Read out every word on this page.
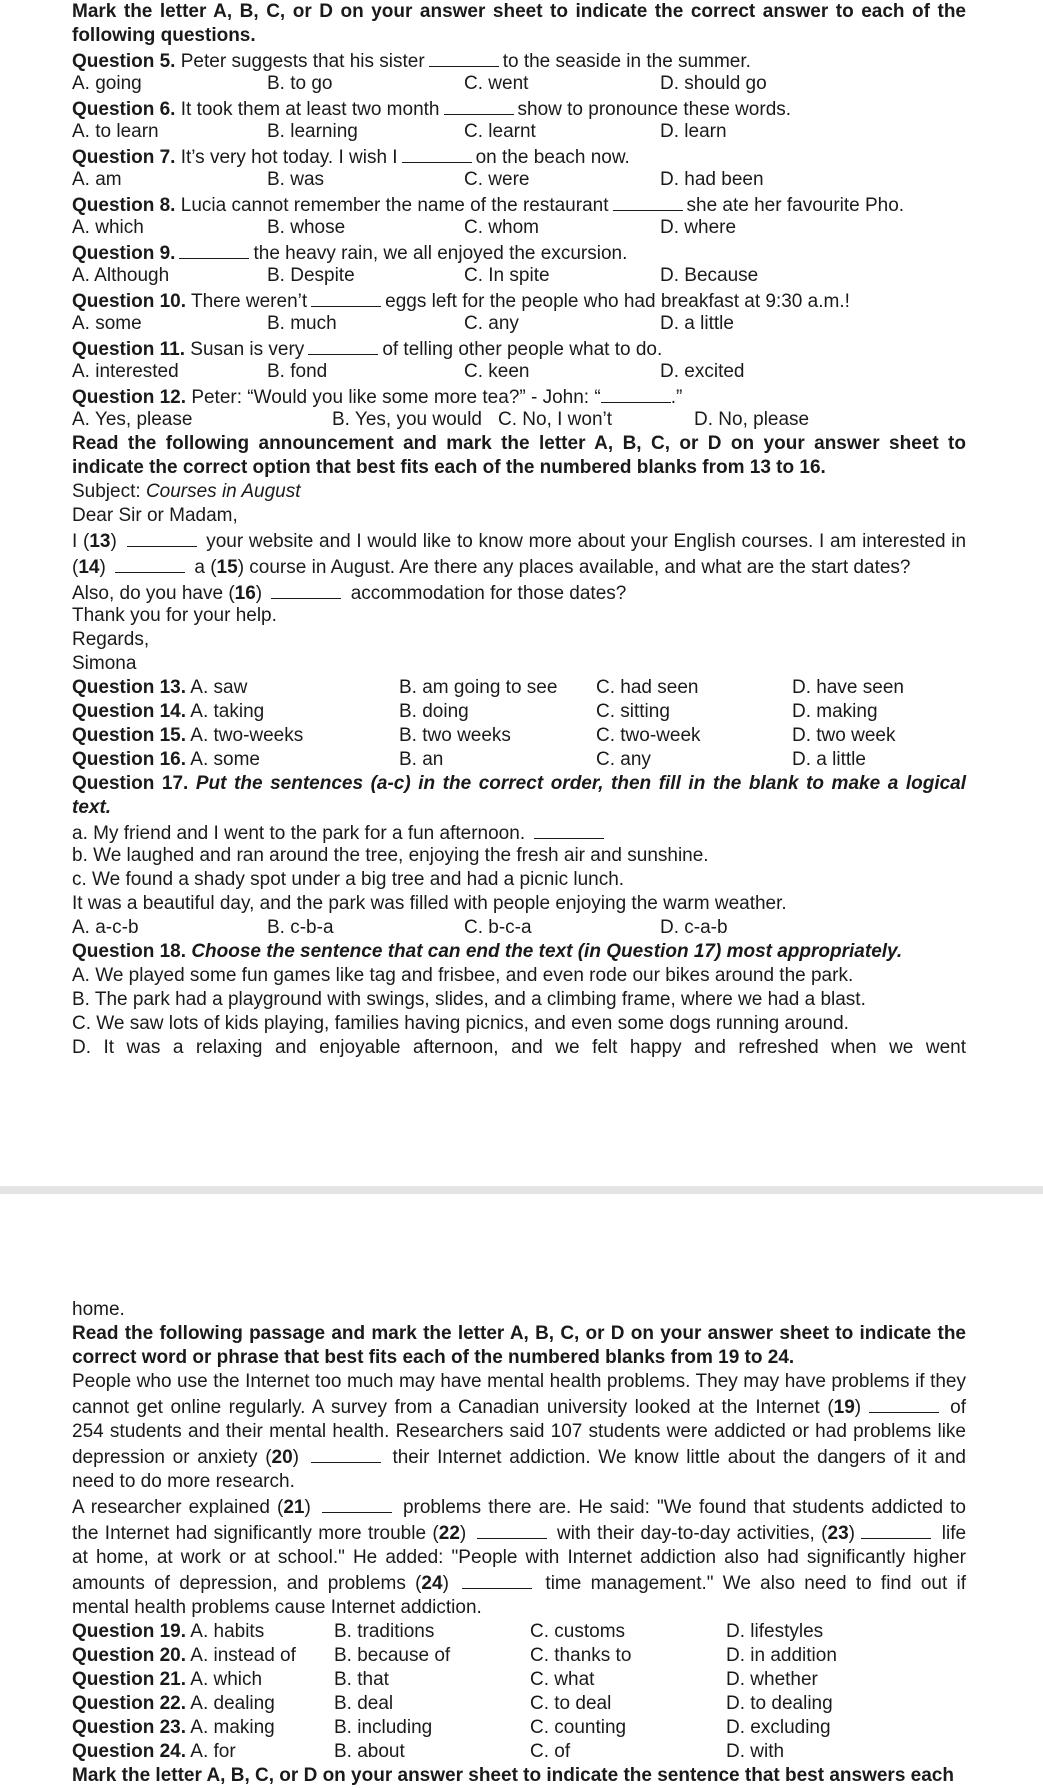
Mark the letter A, B, C, or D on your answer sheet to indicate the correct answer to each of the following questions.
Question 5. Peter suggests that his sister	to the seaside in the summer.
A. going	B. to go	C. went	D. should go
Question 6. It took them at least two month	show to pronounce these words.
A. to learn	B. learning	C. learnt	D. learn
Question 7. It’s very hot today. I wish I	on the beach now.
A. am	B. was	C. were	D. had been
Question 8. Lucia cannot remember the name of the restaurant	she ate her favourite Pho.
A. which	B. whose	C. whom	D. where
Question 9.	the heavy rain, we all enjoyed the excursion.
A. Although	B. Despite	C. In spite	D. Because
Question 10. There weren’t	eggs left for the people who had breakfast at 9:30 a.m.!
A. some	B. much	C. any	D. a little
Question 11. Susan is very	of telling other people what to do.
A. interested	B. fond	C. keen	D. excited
Question 12. Peter: “Would you like some more tea?” - John: “	.”
A. Yes, please	B. Yes, you would C. No, I won’t	D. No, please
Read the following announcement and mark the letter A, B, C, or D on your answer sheet to indicate the correct option that best fits each of the numbered blanks from 13 to 16.
Subject: Courses in August
Dear Sir or Madam,
I (13)	your website and I would like to know more about your English courses. I am interested in (14)	a (15) course in August. Are there any places available, and what are the start dates?
Also, do you have (16)	accommodation for those dates?
Thank you for your help.
Regards,
Simona
Question 13. A. saw	B. am going to see	C. had seen	D. have seen
Question 14. A. taking	B. doing	C. sitting	D. making
Question 15. A. two-weeks	B. two weeks	C. two-week	D. two week
Question 16. A. some	B. an	C. any	D. a little
Question 17. Put the sentences (a-c) in the correct order, then fill in the blank to make a logical text.
a. My friend and I went to the park for a fun afternoon.
b. We laughed and ran around the tree, enjoying the fresh air and sunshine.
c. We found a shady spot under a big tree and had a picnic lunch.
It was a beautiful day, and the park was filled with people enjoying the warm weather.
A. a-c-b	B. c-b-a	C. b-c-a	D. c-a-b
Question 18. Choose the sentence that can end the text (in Question 17) most appropriately.
A. We played some fun games like tag and frisbee, and even rode our bikes around the park.
B. The park had a playground with swings, slides, and a climbing frame, where we had a blast.
C. We saw lots of kids playing, families having picnics, and even some dogs running around.
D. It was a relaxing and enjoyable afternoon, and we felt happy and refreshed when we went
home.
Read the following passage and mark the letter A, B, C, or D on your answer sheet to indicate the correct word or phrase that best fits each of the numbered blanks from 19 to 24.
People who use the Internet too much may have mental health problems. They may have problems if they cannot get online regularly. A survey from a Canadian university looked at the Internet (19)	of 254 students and their mental health. Researchers said 107 students were addicted or had problems like depression or anxiety (20)	their Internet addiction. We know little about the dangers of it and need to do more research.
A researcher explained (21)	problems there are. He said: "We found that students addicted to the Internet had significantly more trouble (22)	with their day-to-day activities, (23)	life at home, at work or at school." He added: "People with Internet addiction also had significantly higher amounts of depression, and problems (24)	time management." We also need to find out if mental health problems cause Internet addiction.
Question 19. A. habits	B. traditions	C. customs	D. lifestyles
Question 20. A. instead of	B. because of	C. thanks to	D. in addition
Question 21. A. which	B. that	C. what	D. whether
Question 22. A. dealing	B. deal	C. to deal	D. to dealing
Question 23. A. making	B. including	C. counting	D. excluding
Question 24. A. for	B. about	C. of	D. with
Mark the letter A, B, C, or D on your answer sheet to indicate the sentence that best answers each
